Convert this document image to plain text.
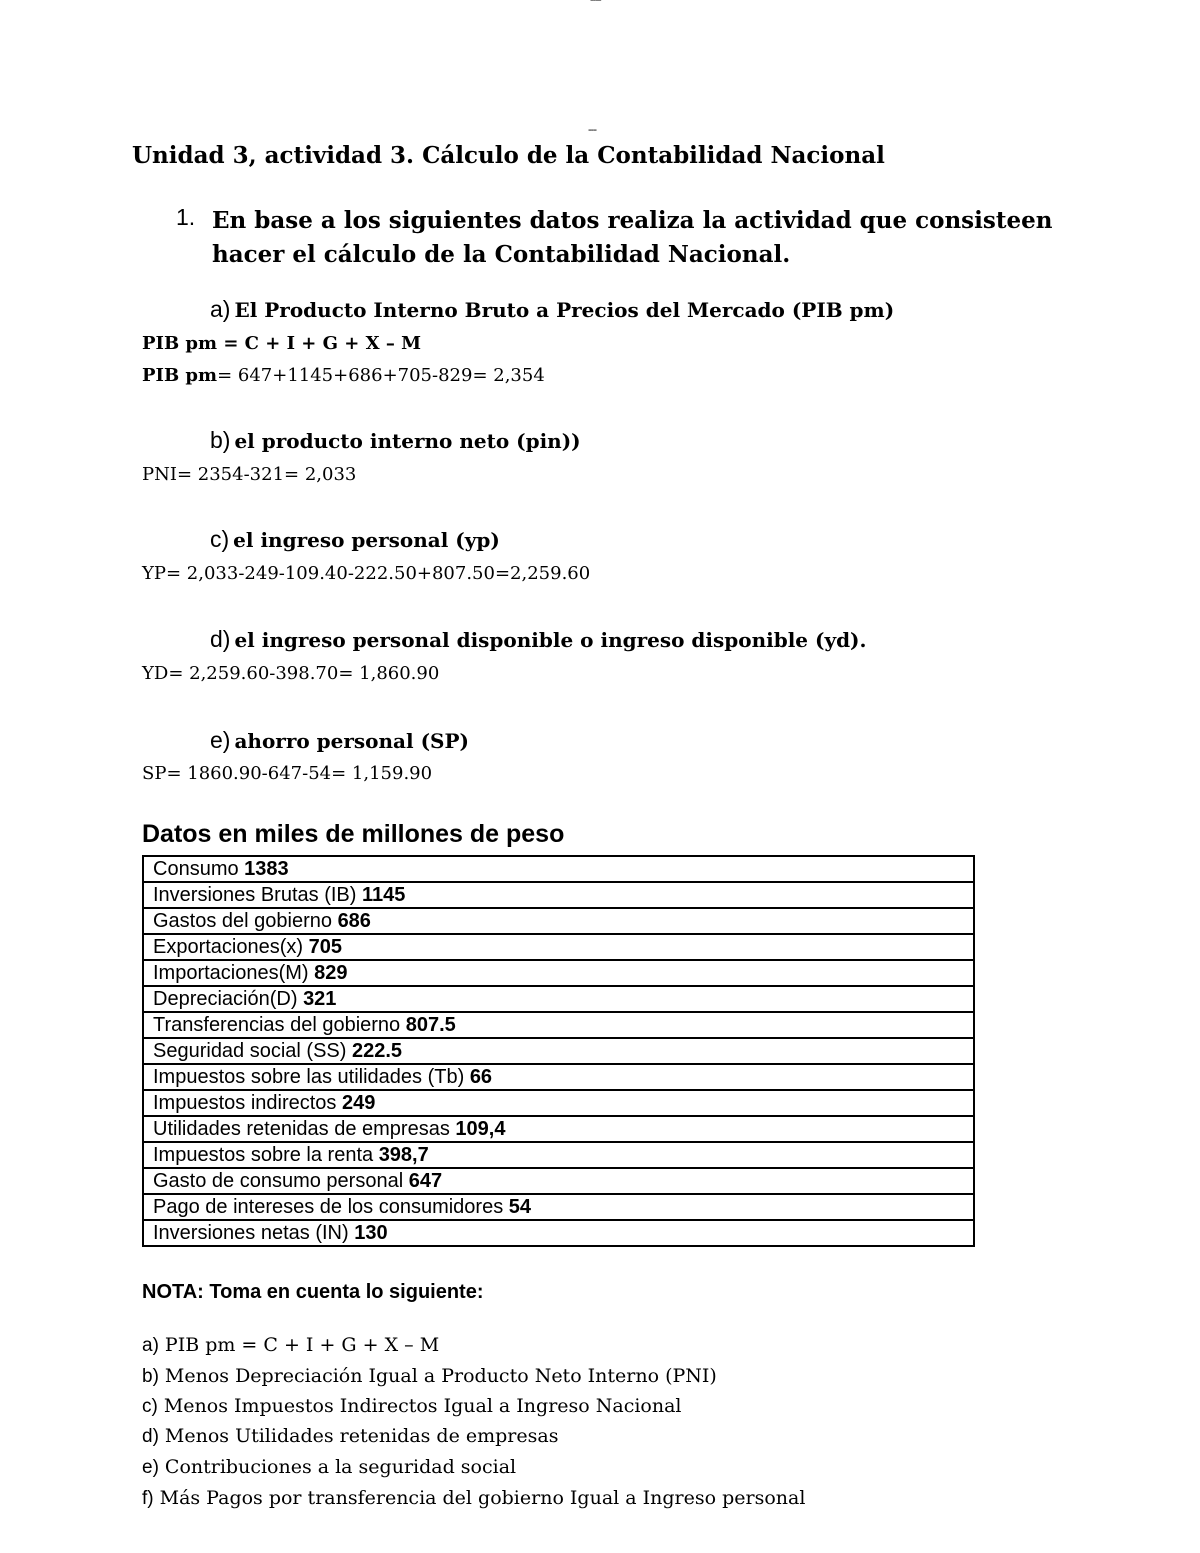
----
---
Unidad 3, actividad 3. Cálculo de la Contabilidad Nacional
1. En base a los siguientes datos realiza la actividad que consisteen hacer el cálculo de la Contabilidad Nacional.
a) El Producto Interno Bruto a Precios del Mercado (PIB pm)
PIB pm = C + I + G + X – M
PIB pm= 647+1145+686+705-829= 2,354
b) el producto interno neto (pin))
PNI= 2354-321= 2,033
c) el ingreso personal (yp)
YP= 2,033-249-109.40-222.50+807.50=2,259.60
d) el ingreso personal disponible o ingreso disponible (yd).
YD= 2,259.60-398.70= 1,860.90
e) ahorro personal (SP)
SP= 1860.90-647-54= 1,159.90
Datos en miles de millones de peso
Consumo 1383
Inversiones Brutas (IB) 1145
Gastos del gobierno 686
Exportaciones(x) 705
Importaciones(M) 829
Depreciación(D) 321
Transferencias del gobierno 807.5
Seguridad social (SS) 222.5
Impuestos sobre las utilidades (Tb) 66
Impuestos indirectos 249
Utilidades retenidas de empresas 109,4
Impuestos sobre la renta 398,7
Gasto de consumo personal 647
Pago de intereses de los consumidores 54
Inversiones netas (IN) 130
NOTA: Toma en cuenta lo siguiente:
a) PIB pm = C + I + G + X – M
b) Menos Depreciación Igual a Producto Neto Interno (PNI)
c) Menos Impuestos Indirectos Igual a Ingreso Nacional
d) Menos Utilidades retenidas de empresas
e) Contribuciones a la seguridad social
f) Más Pagos por transferencia del gobierno Igual a Ingreso personal
